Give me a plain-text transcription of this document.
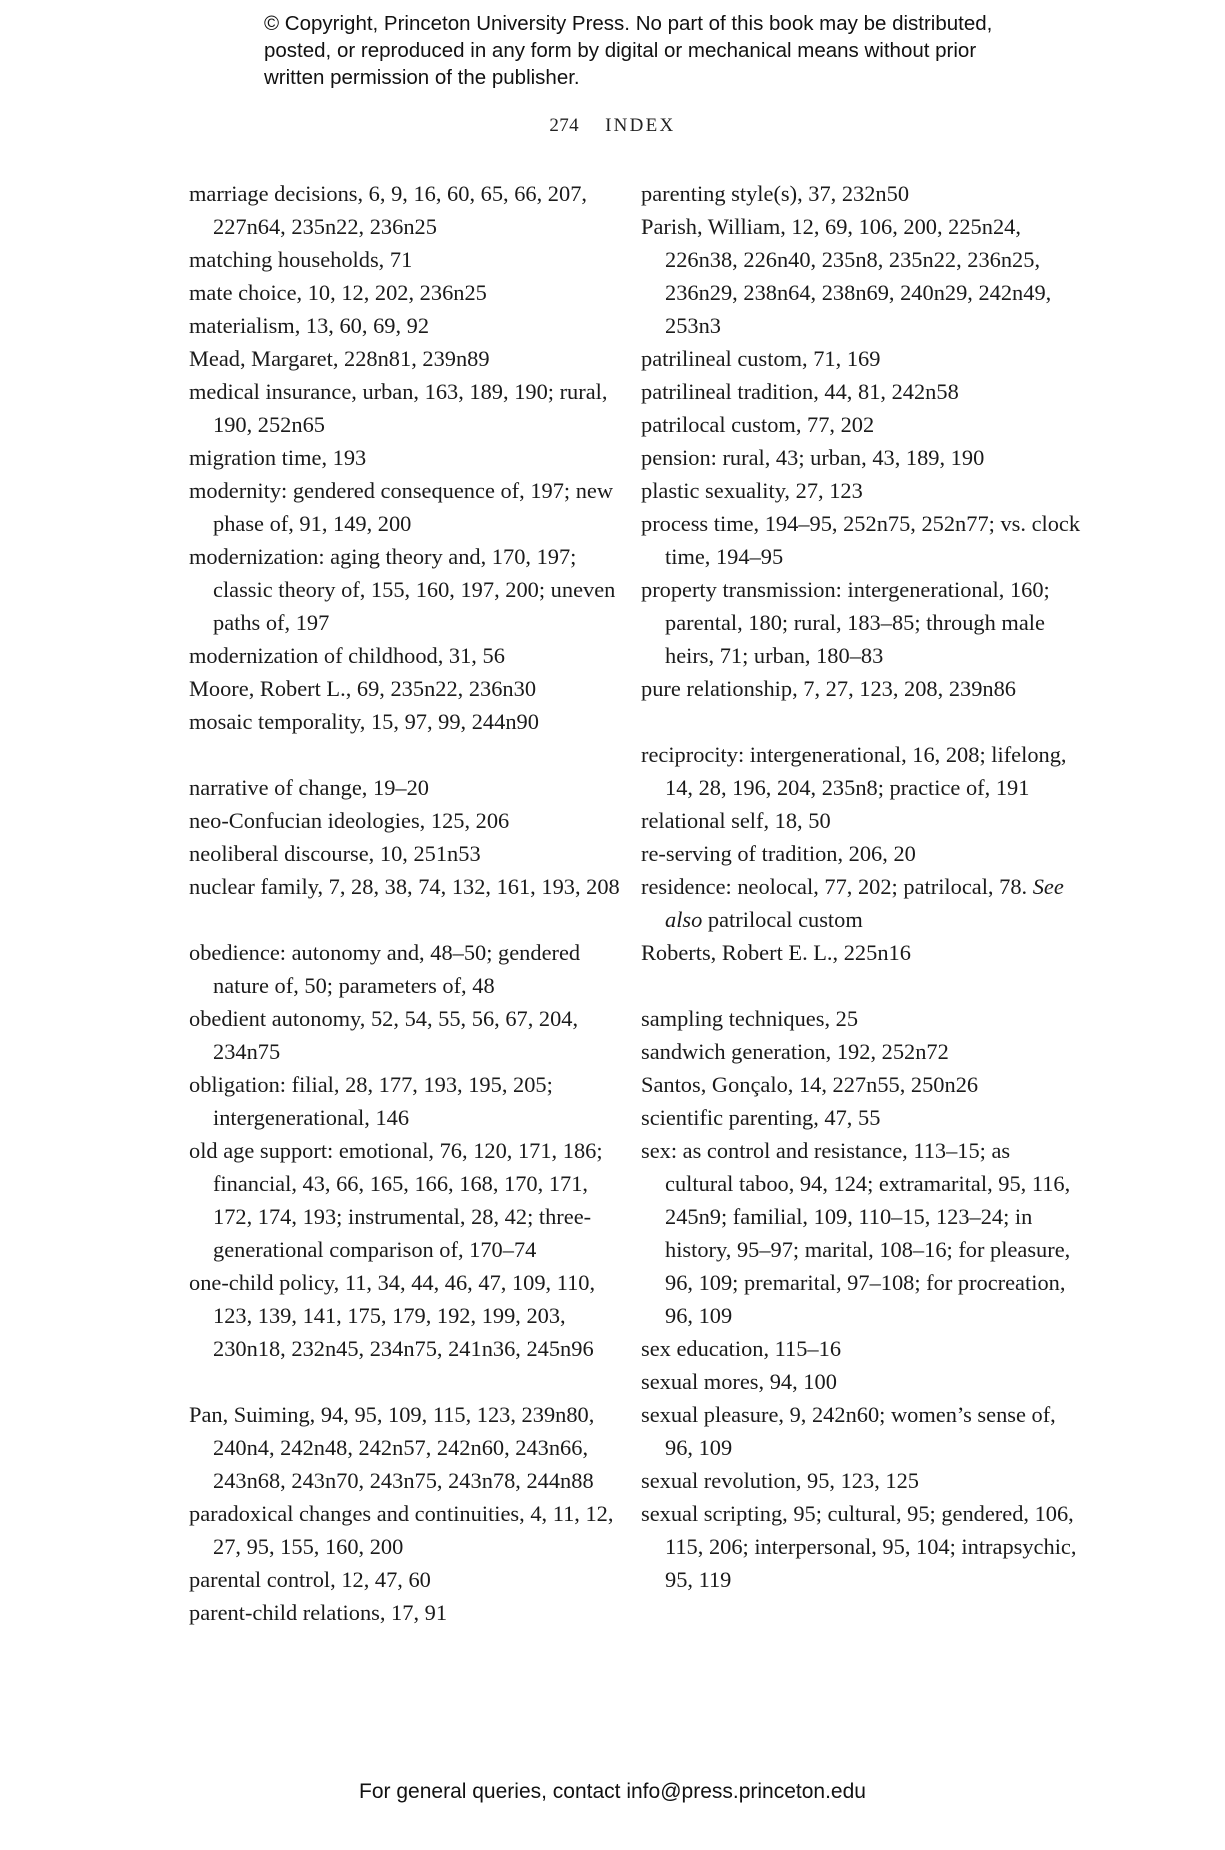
© Copyright, Princeton University Press. No part of this book may be distributed, posted, or reproduced in any form by digital or mechanical means without prior written permission of the publisher.
274 INDEX

marriage decisions, 6, 9, 16, 60, 65, 66, 207, 227n64, 235n22, 236n25

matching households, 71

mate choice, 10, 12, 202, 236n25

materialism, 13, 60, 69, 92

Mead, Margaret, 228n81, 239n89

medical insurance, urban, 163, 189, 190; rural, 190, 252n65

migration time, 193

modernity: gendered consequence of, 197; new phase of, 91, 149, 200

modernization: aging theory and, 170, 197; classic theory of, 155, 160, 197, 200; uneven paths of, 197

modernization of childhood, 31, 56

Moore, Robert L., 69, 235n22, 236n30

mosaic temporality, 15, 97, 99, 244n90

narrative of change, 19–20

neo-Confucian ideologies, 125, 206

neoliberal discourse, 10, 251n53

nuclear family, 7, 28, 38, 74, 132, 161, 193, 208

obedience: autonomy and, 48–50; gendered nature of, 50; parameters of, 48

obedient autonomy, 52, 54, 55, 56, 67, 204, 234n75

obligation: filial, 28, 177, 193, 195, 205; intergenerational, 146

old age support: emotional, 76, 120, 171, 186; financial, 43, 66, 165, 166, 168, 170, 171, 172, 174, 193; instrumental, 28, 42; three-generational comparison of, 170–74

one-child policy, 11, 34, 44, 46, 47, 109, 110, 123, 139, 141, 175, 179, 192, 199, 203, 230n18, 232n45, 234n75, 241n36, 245n96

Pan, Suiming, 94, 95, 109, 115, 123, 239n80, 240n4, 242n48, 242n57, 242n60, 243n66, 243n68, 243n70, 243n75, 243n78, 244n88

paradoxical changes and continuities, 4, 11, 12, 27, 95, 155, 160, 200

parental control, 12, 47, 60

parent-child relations, 17, 91

parenting style(s), 37, 232n50

Parish, William, 12, 69, 106, 200, 225n24, 226n38, 226n40, 235n8, 235n22, 236n25, 236n29, 238n64, 238n69, 240n29, 242n49, 253n3

patrilineal custom, 71, 169

patrilineal tradition, 44, 81, 242n58

patrilocal custom, 77, 202

pension: rural, 43; urban, 43, 189, 190

plastic sexuality, 27, 123

process time, 194–95, 252n75, 252n77; vs. clock time, 194–95

property transmission: intergenerational, 160; parental, 180; rural, 183–85; through male heirs, 71; urban, 180–83

pure relationship, 7, 27, 123, 208, 239n86

reciprocity: intergenerational, 16, 208; lifelong, 14, 28, 196, 204, 235n8; practice of, 191

relational self, 18, 50

re-serving of tradition, 206, 20

residence: neolocal, 77, 202; patrilocal, 78. See also patrilocal custom

Roberts, Robert E. L., 225n16

sampling techniques, 25

sandwich generation, 192, 252n72

Santos, Gonçalo, 14, 227n55, 250n26

scientific parenting, 47, 55

sex: as control and resistance, 113–15; as cultural taboo, 94, 124; extramarital, 95, 116, 245n9; familial, 109, 110–15, 123–24; in history, 95–97; marital, 108–16; for pleasure, 96, 109; premarital, 97–108; for procreation, 96, 109

sex education, 115–16

sexual mores, 94, 100

sexual pleasure, 9, 242n60; women’s sense of, 96, 109

sexual revolution, 95, 123, 125

sexual scripting, 95; cultural, 95; gendered, 106, 115, 206; interpersonal, 95, 104; intrapsychic, 95, 119

For general queries, contact info@press.princeton.edu
